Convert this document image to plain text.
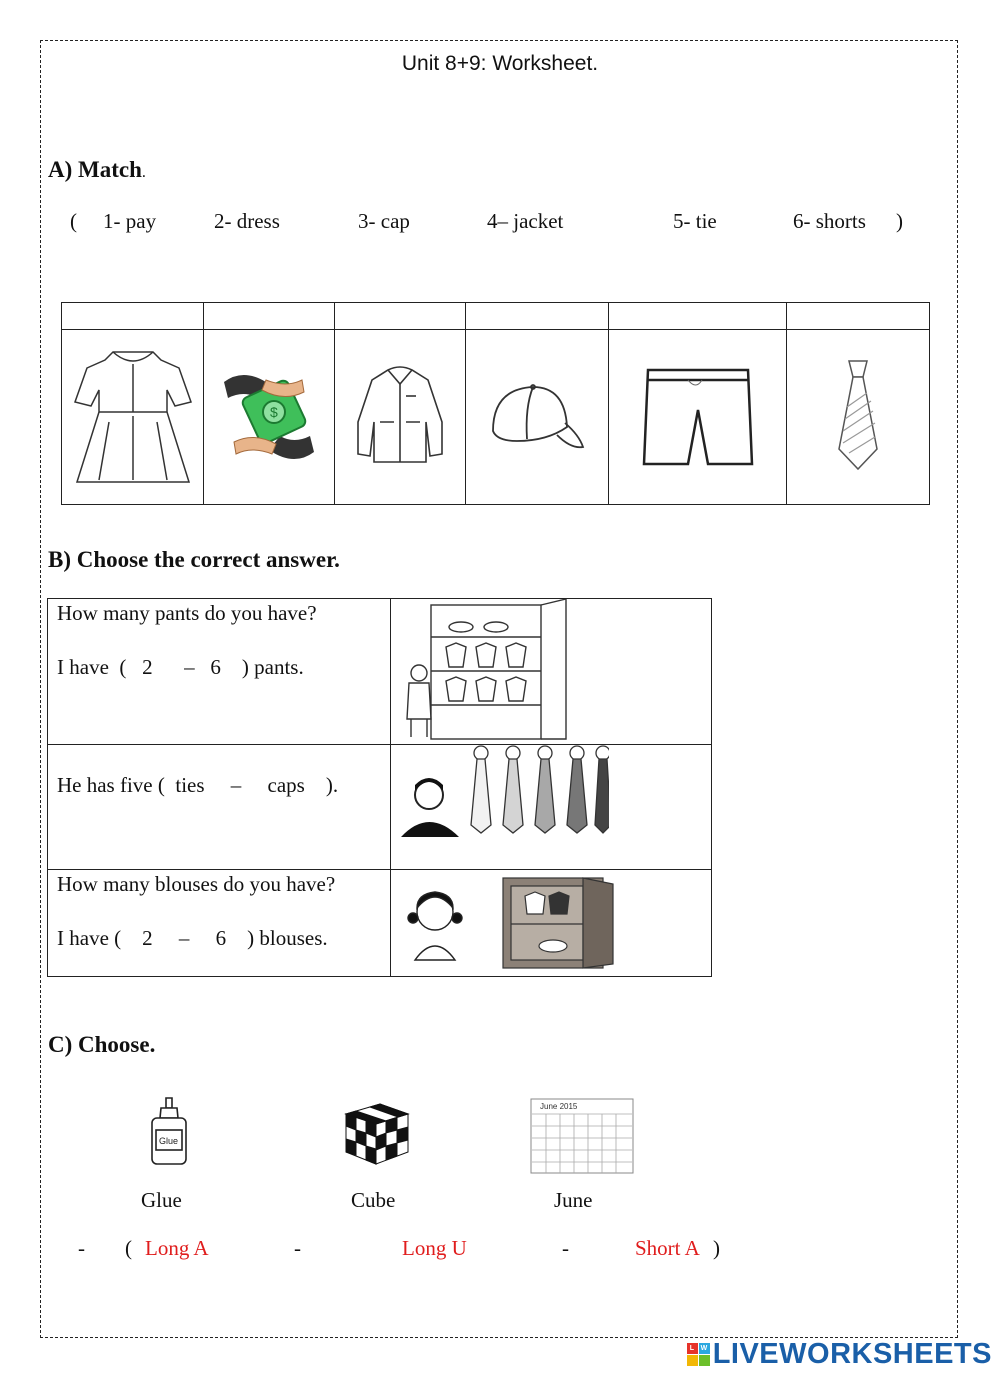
Unit 8+9: Worksheet.
A) Match.
( 1- pay	2- dress	3- cap	4– jacket	5- tie	6- shorts )

$

B) Choose the correct answer.
How many pants do you have?
I have  (   2      –   6    ) pants.

He has five (  ties     –     caps    ).

How many blouses do you have?
I have (    2     –     6    ) blouses.

C) Choose.
Glue
June 2015
Glue	Cube	June
- ( Long A	-	Long U	-	Short A )
L W LIVEWORKSHEETS
